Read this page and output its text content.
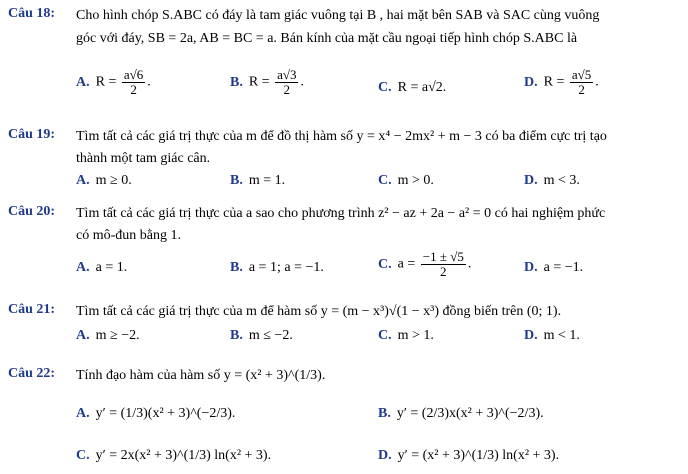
Câu 18: Cho hình chóp S.ABC có đáy là tam giác vuông tại B , hai mặt bên SAB và SAC cùng vuông
góc với đáy, SB = 2a, AB = BC = a. Bán kính của mặt cầu ngoại tiếp hình chóp S.ABC là
A. $R = \frac{a√6}{2}$ .	B. $R = \frac{a√3}{2}$ .	C. R = a√2.	D. $R = \frac{a√5}{2}$ .
Câu 19: Tìm tất cả các giá trị thực của m để đồ thị hàm số y = x⁴ − 2mx² + m − 3 có ba điểm cực trị tạo
thành một tam giác cân.
A. m ≥ 0.	B. m = 1.	C. m > 0.	D. m < 3.
Câu 20: Tìm tất cả các giá trị thực của a sao cho phương trình z² − az + 2a − a² = 0 có hai nghiệm phức
có mô-đun bằng 1.
A. a = 1.	B. a = 1; a = −1.	C. $a = \frac{-1 \pm √5}{2}$ .	D. a = −1.
Câu 21: Tìm tất cả các giá trị thực của m để hàm số y = (m − x³)√(1 − x³) đồng biến trên (0; 1).
A. m ≥ −2.	B. m ≤ −2.	C. m > 1.	D. m < 1.
Câu 22: Tính đạo hàm của hàm số y = (x² + 3)^(1/3).
A. y′ = (1/3)(x² + 3)^(−2/3).	B. y′ = (2/3)x(x² + 3)^(−2/3).
C. y′ = 2x(x² + 3)^(1/3) ln(x² + 3).	D. y′ = (x² + 3)^(1/3) ln(x² + 3).
